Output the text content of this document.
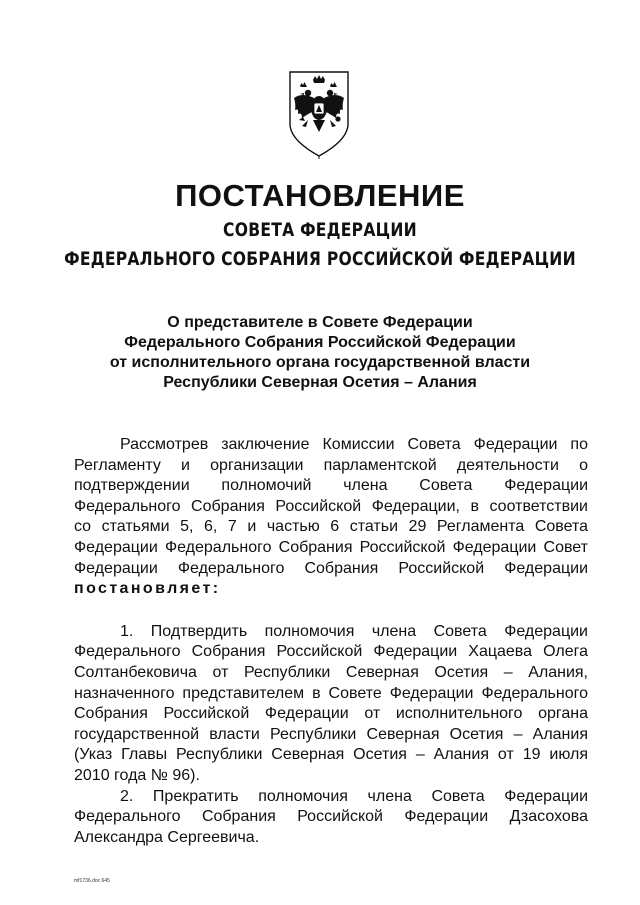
ПОСТАНОВЛЕНИЕ
СОВЕТА ФЕДЕРАЦИИ
ФЕДЕРАЛЬНОГО СОБРАНИЯ РОССИЙСКОЙ ФЕДЕРАЦИИ
О представителе в Совете Федерации
Федерального Собрания Российской Федерации
от исполнительного органа государственной власти
Республики Северная Осетия – Алания
Рассмотрев заключение Комиссии Совета Федерации по
Регламенту и организации парламентской деятельности о
подтверждении полномочий члена Совета Федерации
Федерального Собрания Российской Федерации, в соответствии
со статьями 5, 6, 7 и частью 6 статьи 29 Регламента Совета
Федерации Федерального Собрания Российской Федерации Совет
Федерации Федерального Собрания Российской Федерации
постановляет:
1. Подтвердить полномочия члена Совета Федерации
Федерального Собрания Российской Федерации Хацаева Олега
Солтанбековича от Республики Северная Осетия – Алания,
назначенного представителем в Совете Федерации Федерального
Собрания Российской Федерации от исполнительного органа
государственной власти Республики Северная Осетия – Алания
(Указ Главы Республики Северная Осетия – Алания от 19 июля
2010 года № 96).
2. Прекратить полномочия члена Совета Федерации
Федерального Собрания Российской Федерации Дзасохова
Александра Сергеевича.
mf1736.doc 645
